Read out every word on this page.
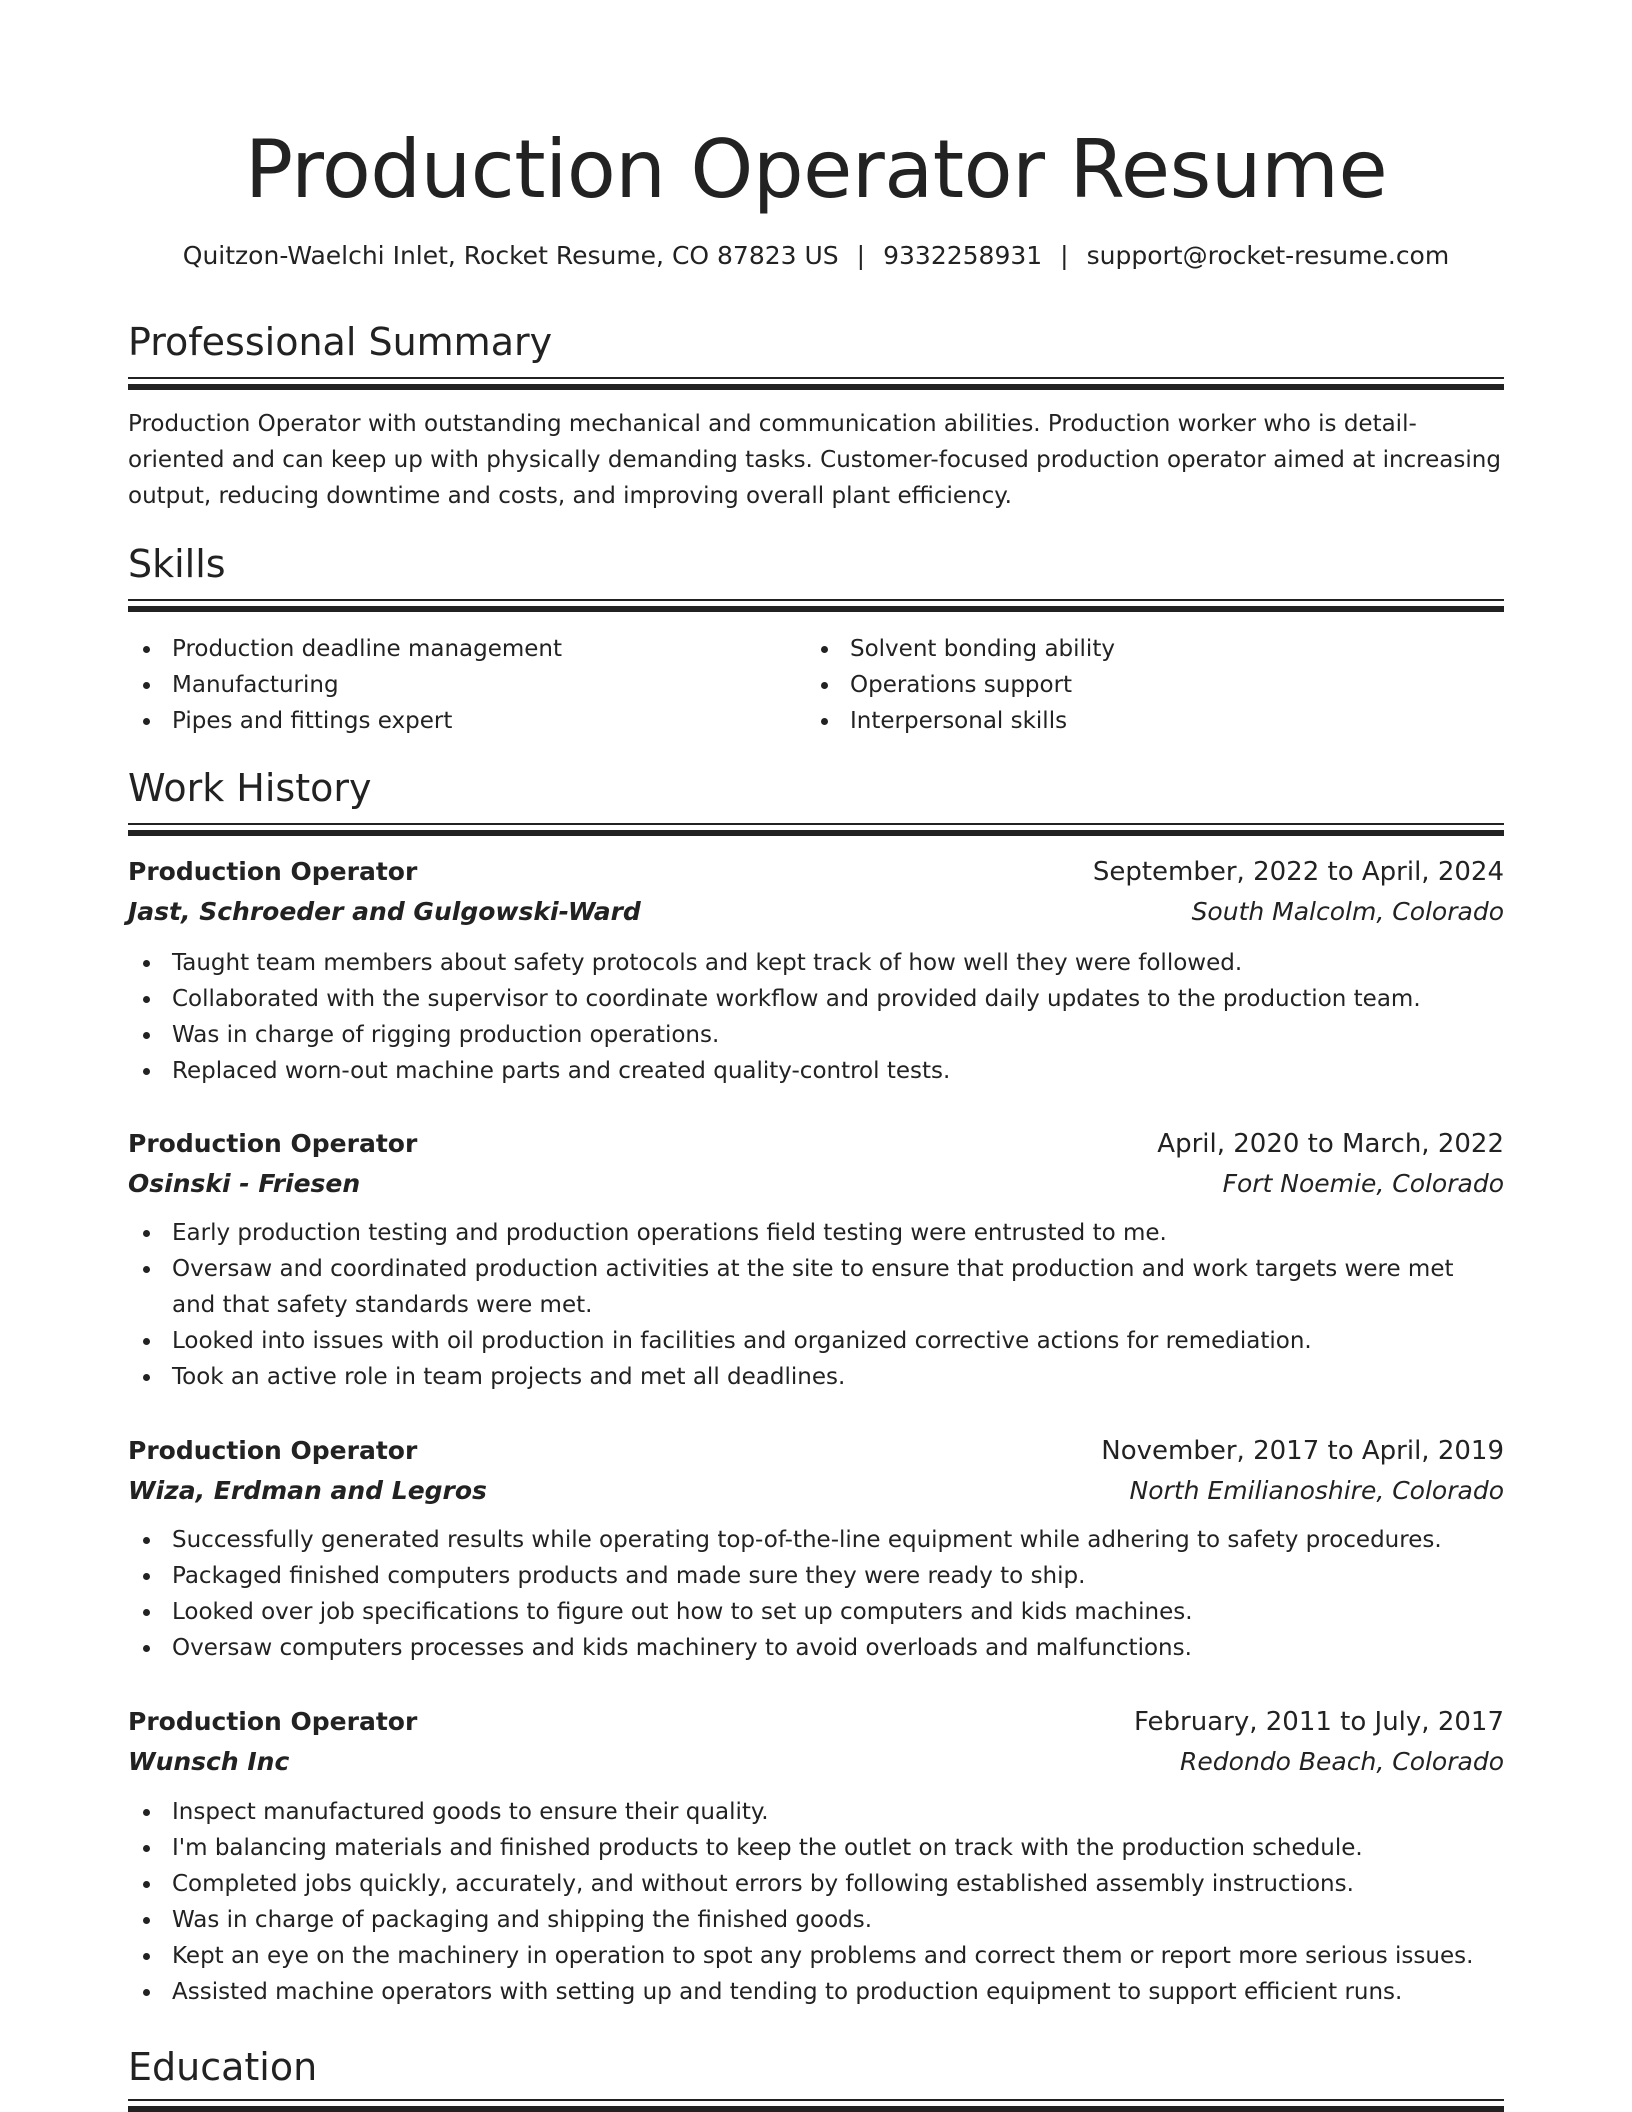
Production Operator Resume
Quitzon-Waelchi Inlet, Rocket Resume, CO 87823 US | 9332258931 | support@rocket-resume.com
Professional Summary

Production Operator with outstanding mechanical and communication abilities. Production worker who is detail-oriented and can keep up with physically demanding tasks. Customer-focused production operator aimed at increasing output, reducing downtime and costs, and improving overall plant efficiency.

Skills
Production deadline management
Manufacturing
Pipes and fittings expert
Solvent bonding ability
Operations support
Interpersonal skills
Work History
Production Operator	September, 2022 to April, 2024
Jast, Schroeder and Gulgowski-Ward	South Malcolm, Colorado
Taught team members about safety protocols and kept track of how well they were followed.
Collaborated with the supervisor to coordinate workflow and provided daily updates to the production team.
Was in charge of rigging production operations.
Replaced worn-out machine parts and created quality-control tests.
Production Operator	April, 2020 to March, 2022
Osinski - Friesen	Fort Noemie, Colorado
Early production testing and production operations field testing were entrusted to me.
Oversaw and coordinated production activities at the site to ensure that production and work targets were met and that safety standards were met.
Looked into issues with oil production in facilities and organized corrective actions for remediation.
Took an active role in team projects and met all deadlines.
Production Operator	November, 2017 to April, 2019
Wiza, Erdman and Legros	North Emilianoshire, Colorado
Successfully generated results while operating top-of-the-line equipment while adhering to safety procedures.
Packaged finished computers products and made sure they were ready to ship.
Looked over job specifications to figure out how to set up computers and kids machines.
Oversaw computers processes and kids machinery to avoid overloads and malfunctions.
Production Operator	February, 2011 to July, 2017
Wunsch Inc	Redondo Beach, Colorado
Inspect manufactured goods to ensure their quality.
I'm balancing materials and finished products to keep the outlet on track with the production schedule.
Completed jobs quickly, accurately, and without errors by following established assembly instructions.
Was in charge of packaging and shipping the finished goods.
Kept an eye on the machinery in operation to spot any problems and correct them or report more serious issues.
Assisted machine operators with setting up and tending to production equipment to support efficient runs.
Education
